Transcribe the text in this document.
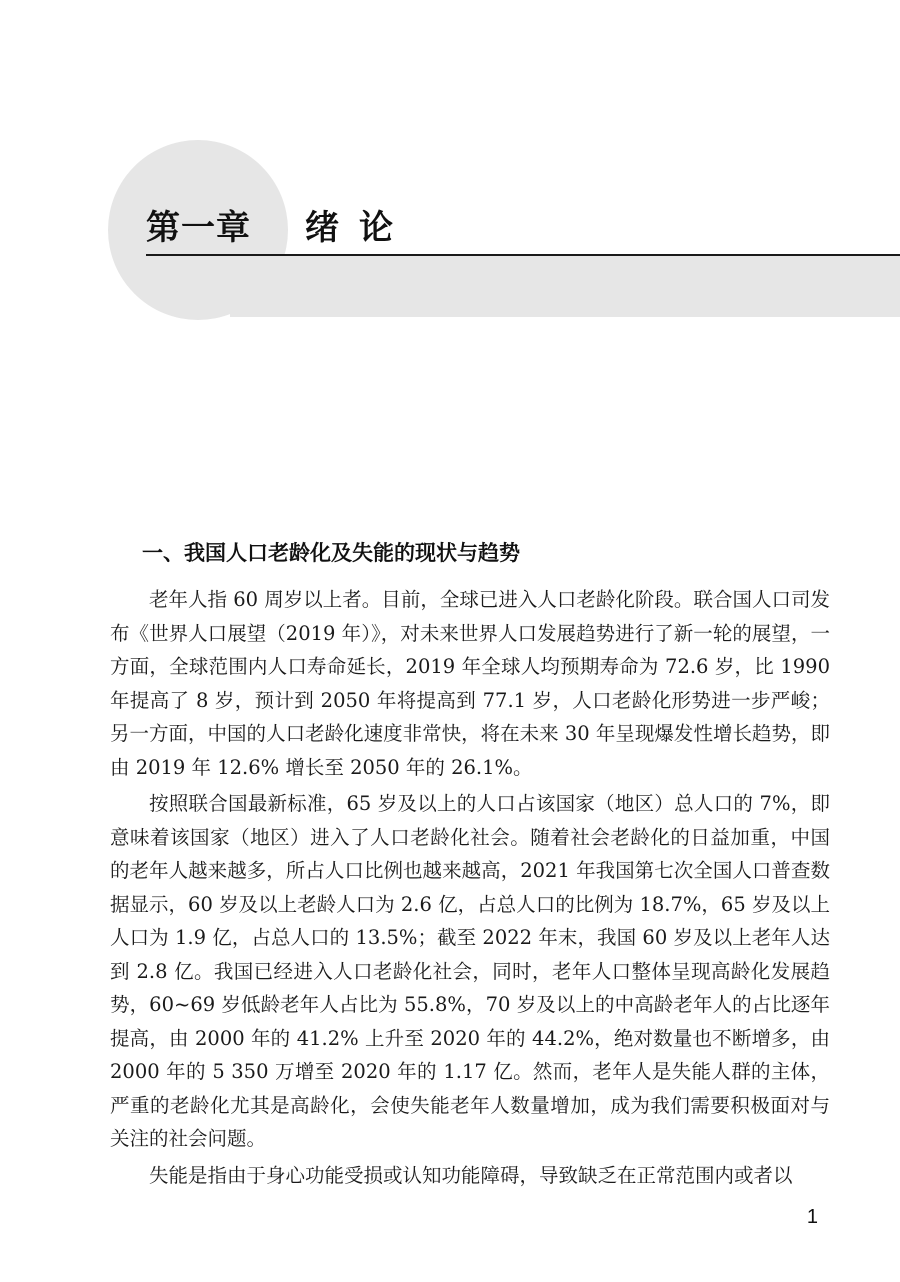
第一章 绪论
一、我国人口老龄化及失能的现状与趋势

老年人指 60 周岁以上者。目前，全球已进入人口老龄化阶段。联合国人口司发布《世界人口展望（2019 年）》，对未来世界人口发展趋势进行了新一轮的展望，一方面，全球范围内人口寿命延长，2019 年全球人均预期寿命为 72.6 岁，比 1990 年提高了 8 岁，预计到 2050 年将提高到 77.1 岁，人口老龄化形势进一步严峻；另一方面，中国的人口老龄化速度非常快，将在未来 30 年呈现爆发性增长趋势，即由 2019 年 12.6% 增长至 2050 年的 26.1%。

按照联合国最新标准，65 岁及以上的人口占该国家（地区）总人口的 7%，即意味着该国家（地区）进入了人口老龄化社会。随着社会老龄化的日益加重，中国的老年人越来越多，所占人口比例也越来越高，2021 年我国第七次全国人口普查数据显示，60 岁及以上老龄人口为 2.6 亿，占总人口的比例为 18.7%，65 岁及以上人口为 1.9 亿，占总人口的 13.5%；截至 2022 年末，我国 60 岁及以上老年人达到 2.8 亿。我国已经进入人口老龄化社会，同时，老年人口整体呈现高龄化发展趋势，60~69 岁低龄老年人占比为 55.8%，70 岁及以上的中高龄老年人的占比逐年提高，由 2000 年的 41.2% 上升至 2020 年的 44.2%，绝对数量也不断增多，由 2000 年的 5 350 万增至 2020 年的 1.17 亿。然而，老年人是失能人群的主体，严重的老龄化尤其是高龄化，会使失能老年人数量增加，成为我们需要积极面对与关注的社会问题。

失能是指由于身心功能受损或认知功能障碍，导致缺乏在正常范围内或者以

1
